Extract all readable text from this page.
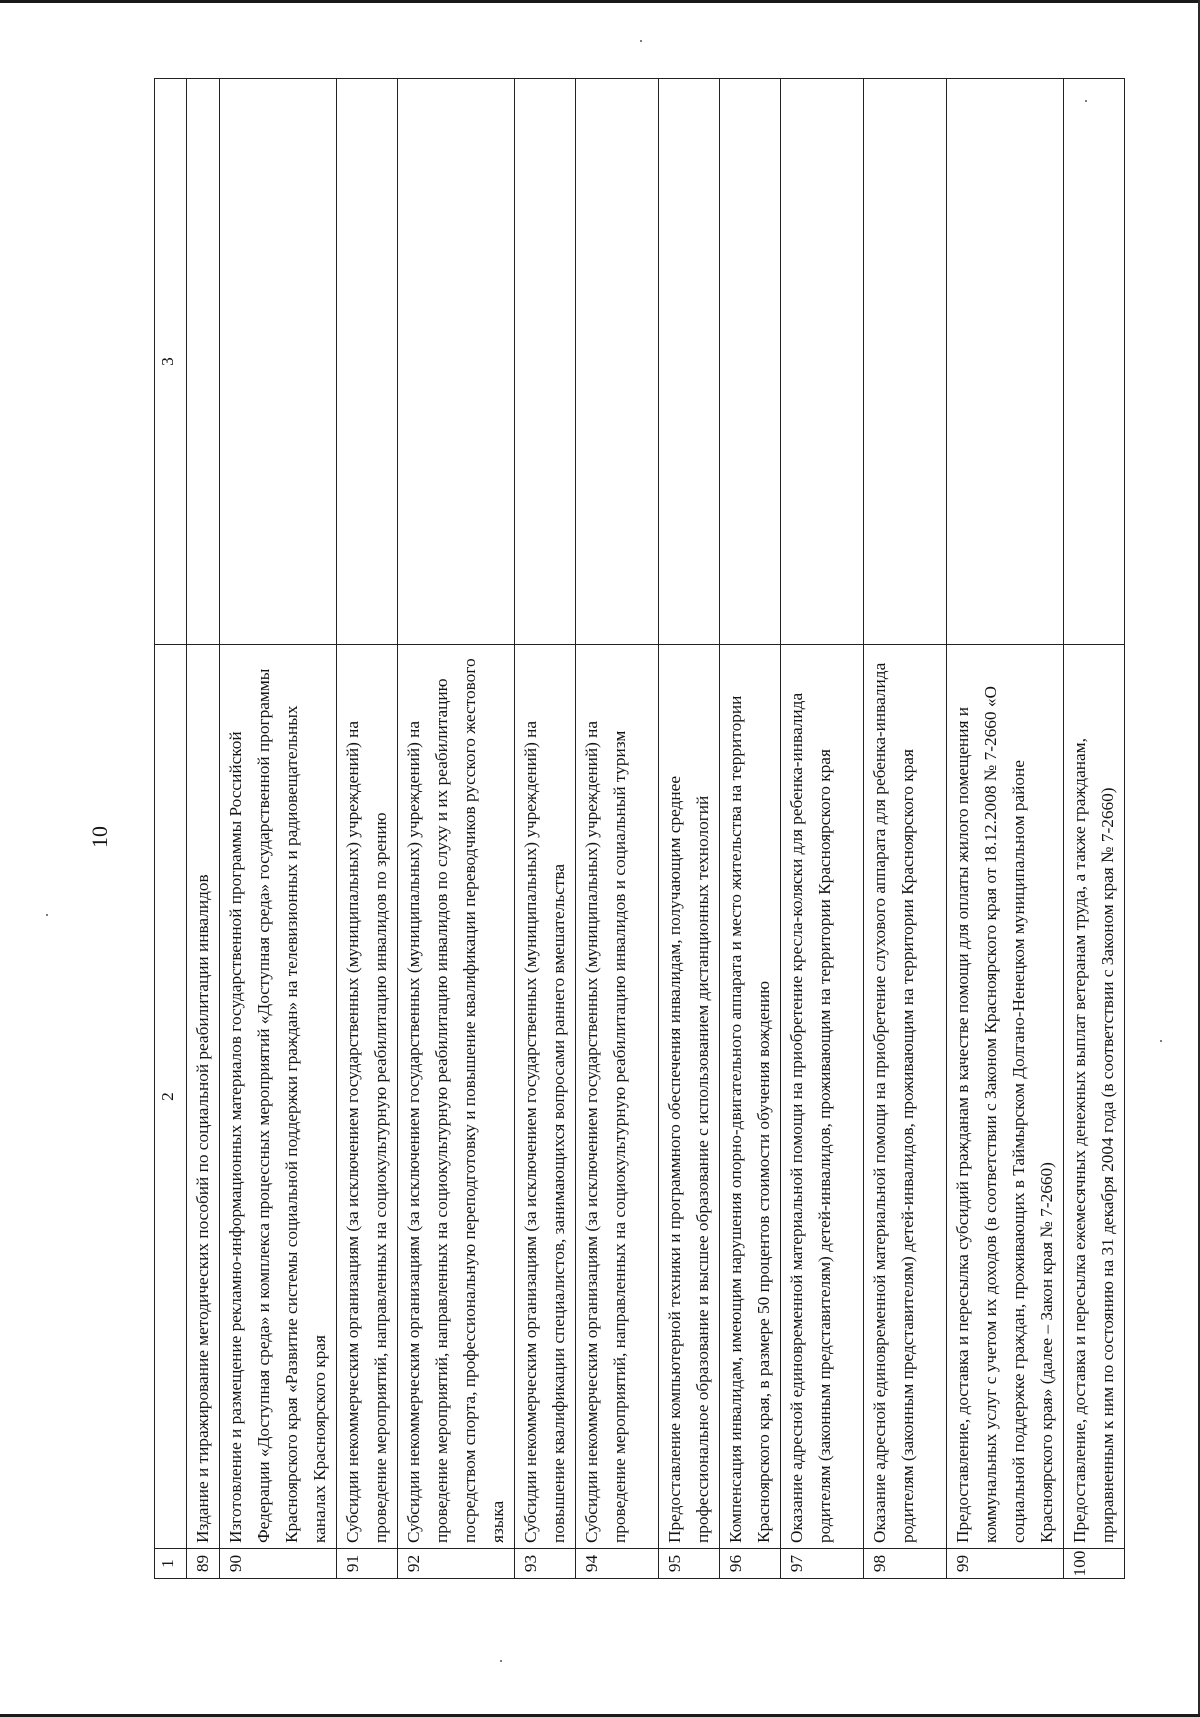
10
1	2	3
89	Издание и тиражирование методических пособий по социальной реабилитации инвалидов	
90	Изготовление и размещение рекламно-информационных материалов государственной программы Российской Федерации «Доступная среда» и комплекса процессных мероприятий «Доступная среда» государственной программы Красноярского края «Развитие системы социальной поддержки граждан» на телевизионных и радиовещательных каналах Красноярского края	
91	Субсидии некоммерческим организациям (за исключением государственных (муниципальных) учреждений) на проведение мероприятий, направленных на социокультурную реабилитацию инвалидов по зрению	
92	Субсидии некоммерческим организациям (за исключением государственных (муниципальных) учреждений) на проведение мероприятий, направленных на социокультурную реабилитацию инвалидов по слуху и их реабилитацию посредством спорта, профессиональную переподготовку и повышение квалификации переводчиков русского жестового языка	
93	Субсидии некоммерческим организациям (за исключением государственных (муниципальных) учреждений) на повышение квалификации специалистов, занимающихся вопросами раннего вмешательства	
94	Субсидии некоммерческим организациям (за исключением государственных (муниципальных) учреждений) на проведение мероприятий, направленных на социокультурную реабилитацию инвалидов и социальный туризм	
95	Предоставление компьютерной техники и программного обеспечения инвалидам, получающим среднее профессиональное образование и высшее образование с использованием дистанционных технологий	
96	Компенсация инвалидам, имеющим нарушения опорно-двигательного аппарата и место жительства на территории Красноярского края, в размере 50 процентов стоимости обучения вождению	
97	Оказание адресной единовременной материальной помощи на приобретение кресла-коляски для ребенка-инвалида родителям (законным представителям) детей-инвалидов, проживающим на территории Красноярского края	
98	Оказание адресной единовременной материальной помощи на приобретение слухового аппарата для ребенка-инвалида родителям (законным представителям) детей-инвалидов, проживающим на территории Красноярского края	
99	Предоставление, доставка и пересылка субсидий гражданам в качестве помощи для оплаты жилого помещения и коммунальных услуг с учетом их доходов (в соответствии с Законом Красноярского края от 18.12.2008 № 7-2660 «О социальной поддержке граждан, проживающих в Таймырском Долгано-Ненецком муниципальном районе Красноярского края» (далее – Закон края № 7-2660)	
100	Предоставление, доставка и пересылка ежемесячных денежных выплат ветеранам труда, а также гражданам, приравненным к ним по состоянию на 31 декабря 2004 года (в соответствии с Законом края № 7-2660)	
